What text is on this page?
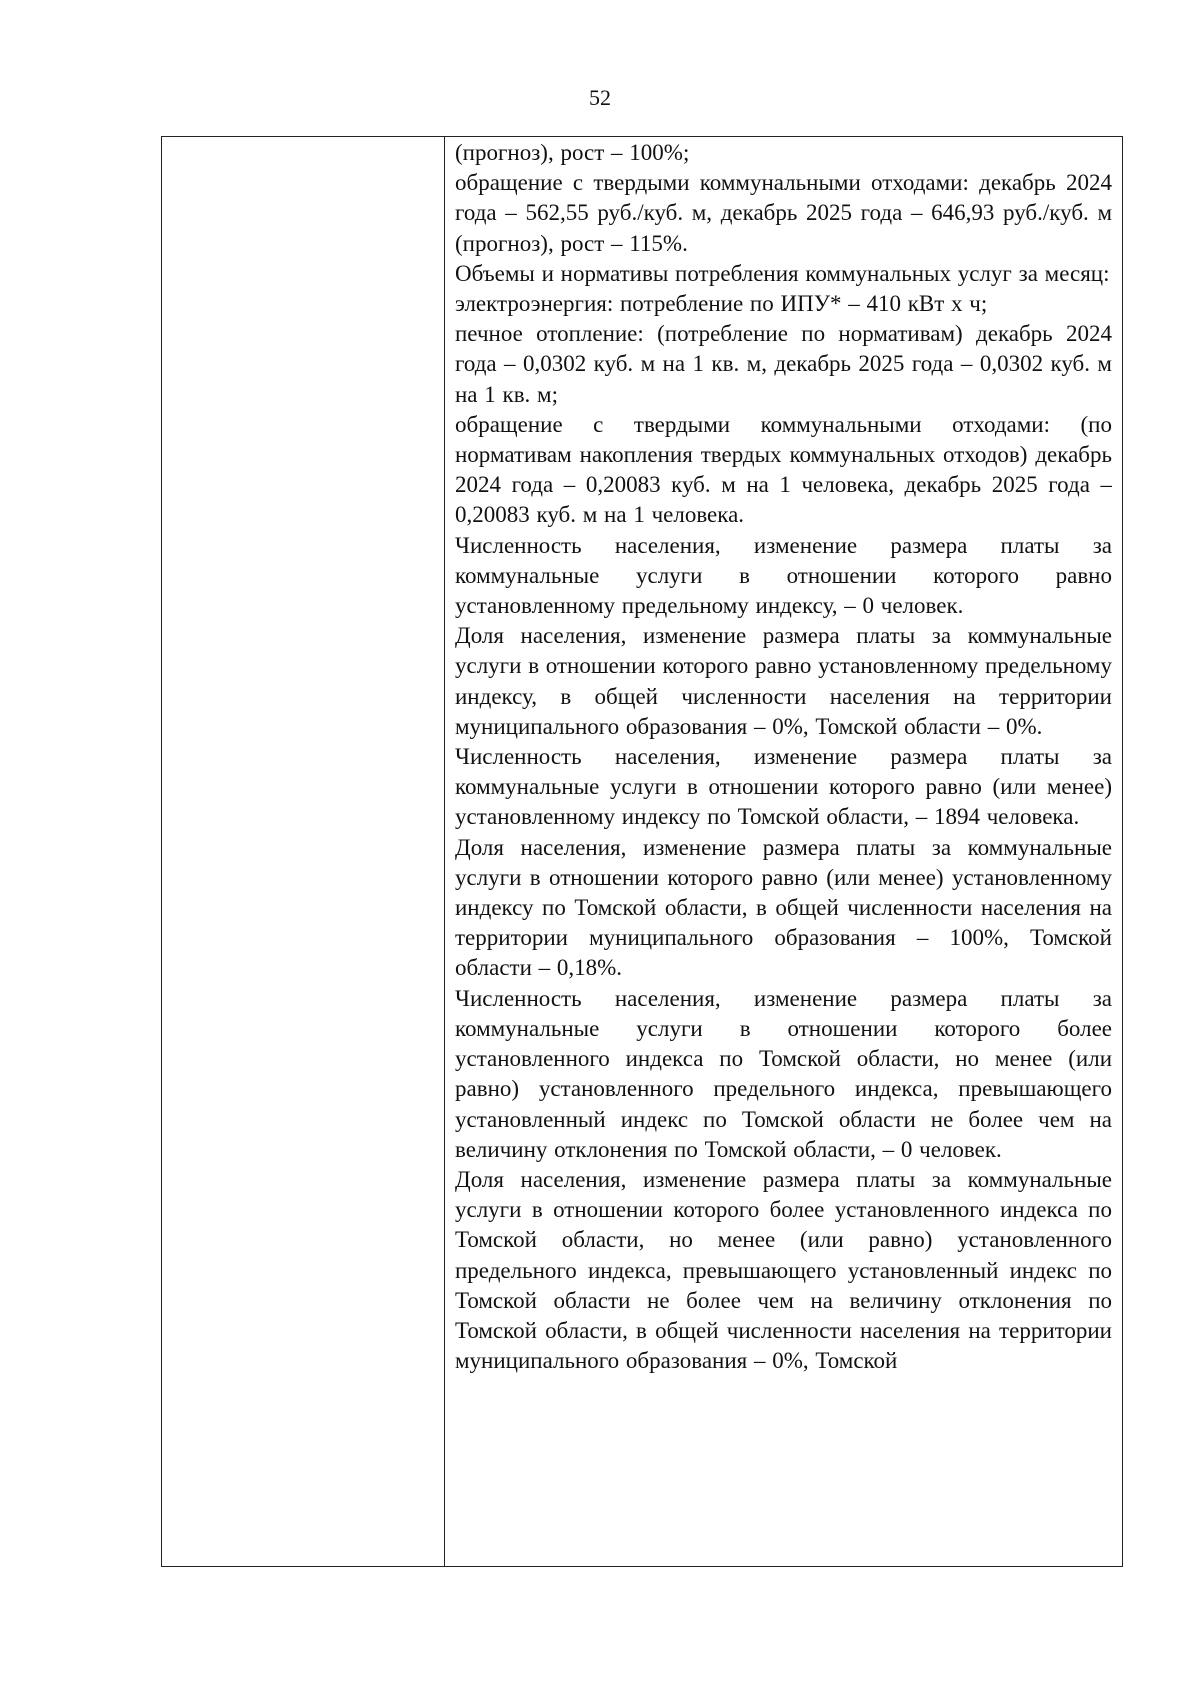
52

(прогноз), рост – 100%;

обращение с твердыми коммунальными отходами: декабрь 2024 года – 562,55 руб./куб. м, декабрь 2025 года – 646,93 руб./куб. м (прогноз), рост – 115%.

Объемы и нормативы потребления коммунальных услуг за месяц:

электроэнергия: потребление по ИПУ* – 410 кВт х ч;

печное отопление: (потребление по нормативам) декабрь 2024 года – 0,0302 куб. м на 1 кв. м, декабрь 2025 года – 0,0302 куб. м на 1 кв. м;

обращение с твердыми коммунальными отходами: (по нормативам накопления твердых коммунальных отходов) декабрь 2024 года – 0,20083 куб. м на 1 человека, декабрь 2025 года – 0,20083 куб. м на 1 человека.

Численность населения, изменение размера платы за коммунальные услуги в отношении которого равно установленному предельному индексу, – 0 человек.

Доля населения, изменение размера платы за коммунальные услуги в отношении которого равно установленному предельному индексу, в общей численности населения на территории муниципального образования – 0%, Томской области – 0%.

Численность населения, изменение размера платы за коммунальные услуги в отношении которого равно (или менее) установленному индексу по Томской области, – 1894 человека.

Доля населения, изменение размера платы за коммунальные услуги в отношении которого равно (или менее) установленному индексу по Томской области, в общей численности населения на территории муниципального образования – 100%, Томской области – 0,18%.

Численность населения, изменение размера платы за коммунальные услуги в отношении которого более установленного индекса по Томской области, но менее (или равно) установленного предельного индекса, превышающего установленный индекс по Томской области не более чем на величину отклонения по Томской области, – 0 человек.

Доля населения, изменение размера платы за коммунальные услуги в отношении которого более установленного индекса по Томской области, но менее (или равно) установленного предельного индекса, превышающего установленный индекс по Томской области не более чем на величину отклонения по Томской области, в общей численности населения на территории муниципального образования – 0%, Томской
